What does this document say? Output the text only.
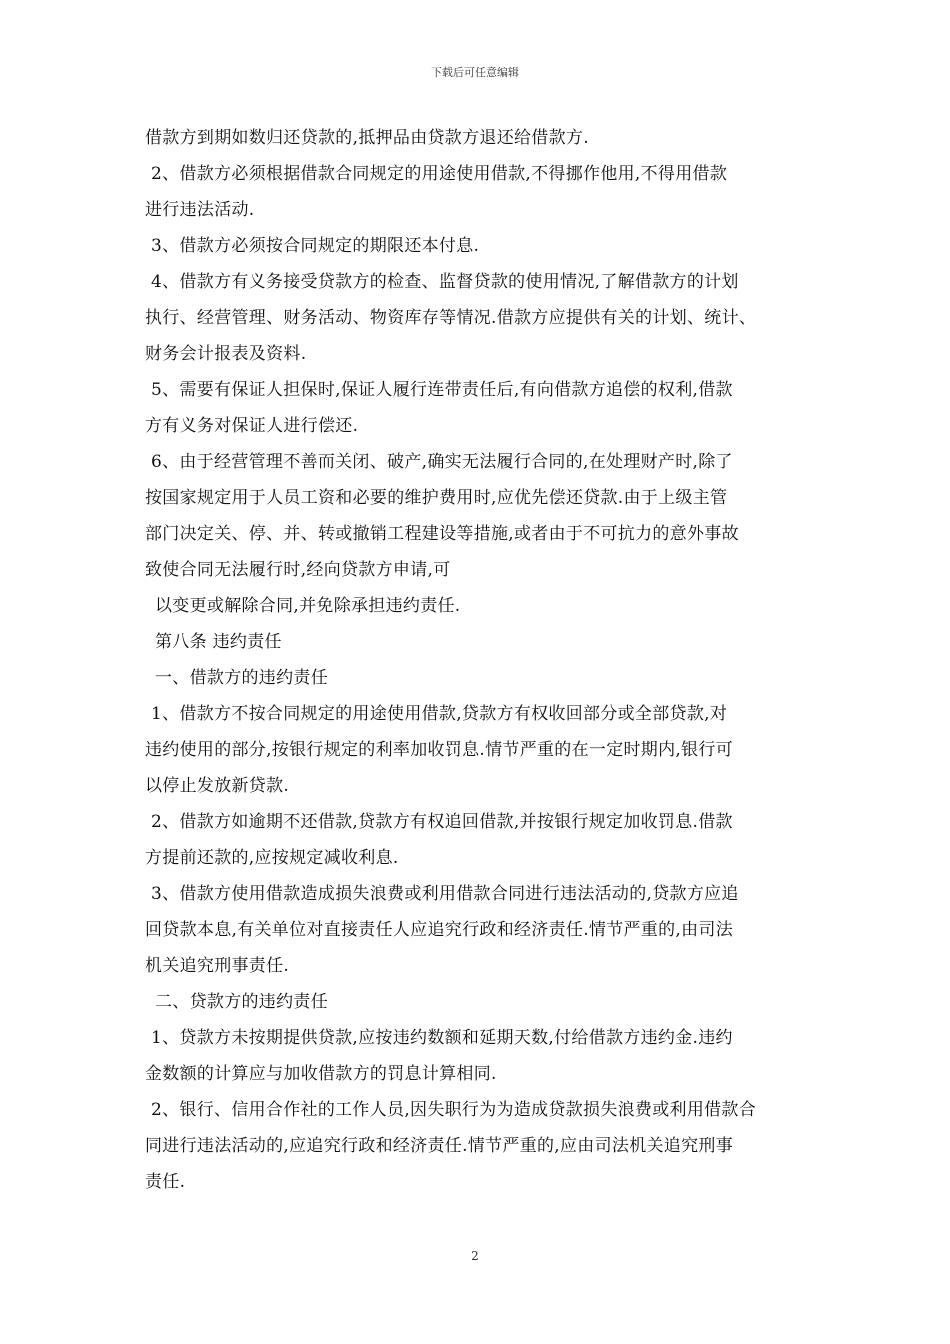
下载后可任意编辑
借款方到期如数归还贷款的,抵押品由贷款方退还给借款方.
2、借款方必须根据借款合同规定的用途使用借款,不得挪作他用,不得用借款
进行违法活动.
3、借款方必须按合同规定的期限还本付息.
4、借款方有义务接受贷款方的检查、监督贷款的使用情况,了解借款方的计划
执行、经营管理、财务活动、物资库存等情况.借款方应提供有关的计划、统计、
财务会计报表及资料.
5、需要有保证人担保时,保证人履行连带责任后,有向借款方追偿的权利,借款
方有义务对保证人进行偿还.
6、由于经营管理不善而关闭、破产,确实无法履行合同的,在处理财产时,除了
按国家规定用于人员工资和必要的维护费用时,应优先偿还贷款.由于上级主管
部门决定关、停、并、转或撤销工程建设等措施,或者由于不可抗力的意外事故
致使合同无法履行时,经向贷款方申请,可
以变更或解除合同,并免除承担违约责任.
第八条 违约责任
一、借款方的违约责任
1、借款方不按合同规定的用途使用借款,贷款方有权收回部分或全部贷款,对
违约使用的部分,按银行规定的利率加收罚息.情节严重的在一定时期内,银行可
以停止发放新贷款.
2、借款方如逾期不还借款,贷款方有权追回借款,并按银行规定加收罚息.借款
方提前还款的,应按规定减收利息.
3、借款方使用借款造成损失浪费或利用借款合同进行违法活动的,贷款方应追
回贷款本息,有关单位对直接责任人应追究行政和经济责任.情节严重的,由司法
机关追究刑事责任.
二、贷款方的违约责任
1、贷款方未按期提供贷款,应按违约数额和延期天数,付给借款方违约金.违约
金数额的计算应与加收借款方的罚息计算相同.
2、银行、信用合作社的工作人员,因失职行为为造成贷款损失浪费或利用借款合
同进行违法活动的,应追究行政和经济责任.情节严重的,应由司法机关追究刑事
责任.
2
